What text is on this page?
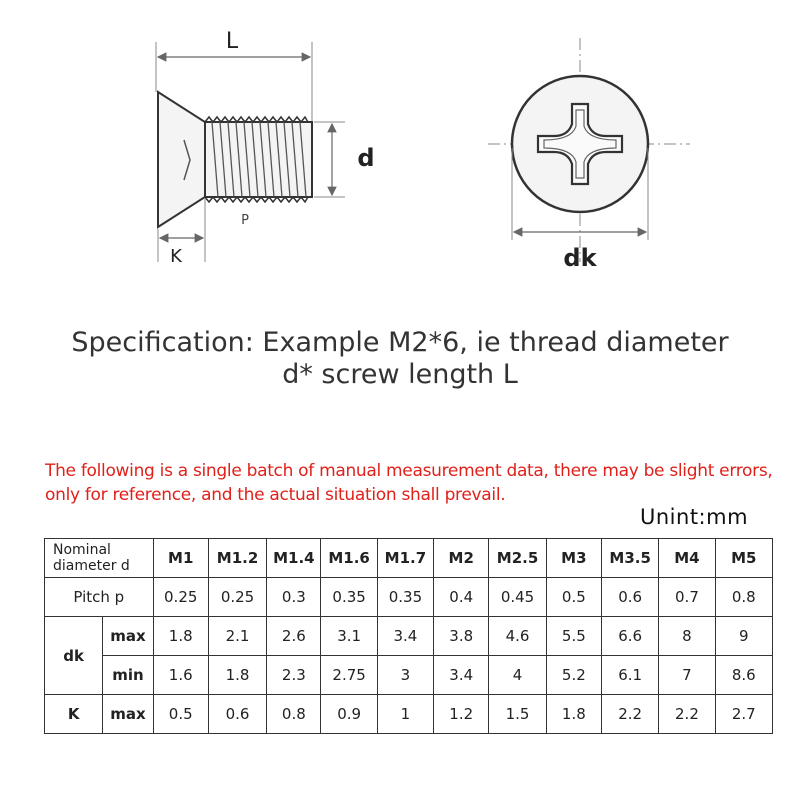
L
d
P
K	dk
Specification: Example M2*6, ie thread diameter
d* screw length L
The following is a single batch of manual measurement data, there may be slight errors,
only for reference, and the actual situation shall prevail.
Unint:mm
Nominal
diameter d		M1	M1.2	M1.4	M1.6	M1.7	M2	M2.5	M3	M3.5	M4	M5
Pitch p		0.25	0.25	0.3	0.35	0.35	0.4	0.45	0.5	0.6	0.7	0.8
dk	max	1.8	2.1	2.6	3.1	3.4	3.8	4.6	5.5	6.6	8	9
	min	1.6	1.8	2.3	2.75	3	3.4	4	5.2	6.1	7	8.6
K	max	0.5	0.6	0.8	0.9	1	1.2	1.5	1.8	2.2	2.2	2.7
